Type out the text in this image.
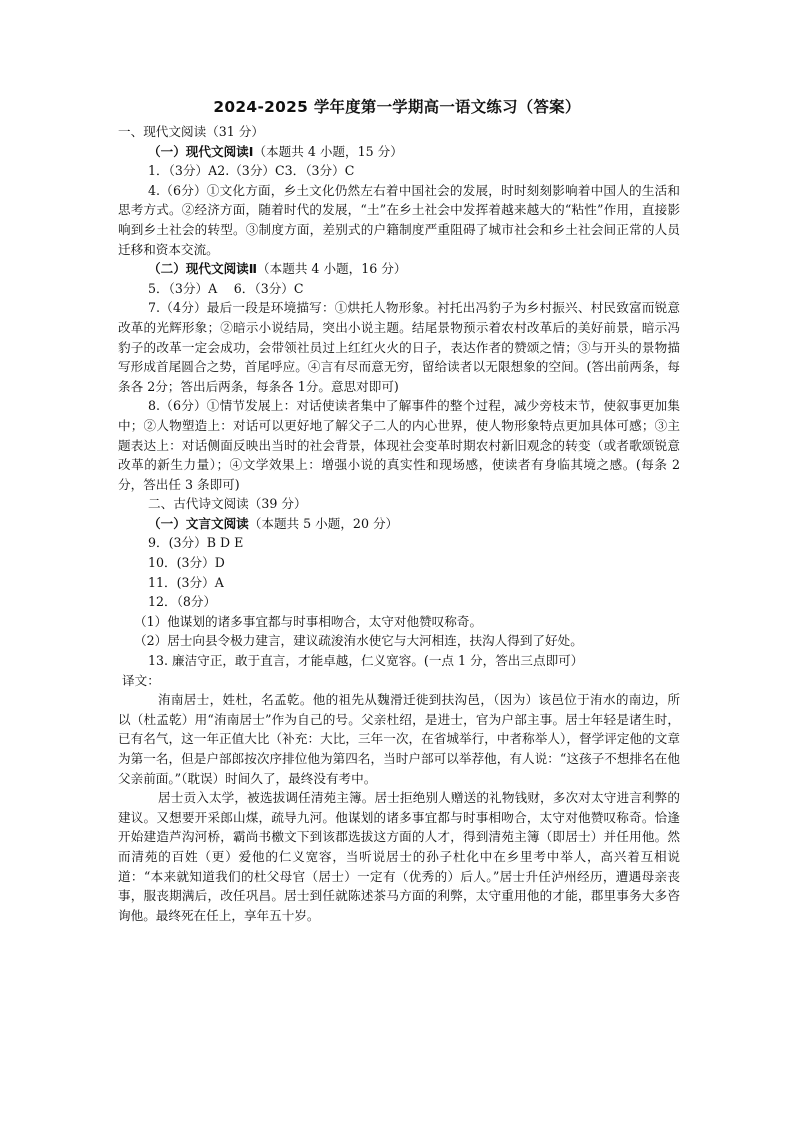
2024-2025 学年度第一学期高一语文练习（答案）
一、现代文阅读（31 分）
（一）现代文阅读Ⅰ（本题共 4 小题，15 分）
1．（3分）A2.（3分）C3．（3分）C
4.（6分）①文化方面，乡土文化仍然左右着中国社会的发展，时时刻刻影响着中国人的生活和思考方式。②经济方面，随着时代的发展，“土”在乡土社会中发挥着越来越大的“粘性”作用，直接影响到乡土社会的转型。③制度方面，差别式的户籍制度严重阻碍了城市社会和乡土社会间正常的人员迁移和资本交流。
（二）现代文阅读Ⅱ（本题共 4 小题，16 分）
5．（3分）A　 6．（3分）C
7.（4分）最后一段是环境描写：①烘托人物形象。衬托出冯豹子为乡村振兴、村民致富而锐意改革的光辉形象；②暗示小说结局，突出小说主题。结尾景物预示着农村改革后的美好前景，暗示冯豹子的改革一定会成功，会带领社员过上红红火火的日子，表达作者的赞颂之情；③与开头的景物描写形成首尾圆合之势，首尾呼应。④言有尽而意无穷，留给读者以无限想象的空间。(答出前两条，每条各 2分；答出后两条，每条各 1分。意思对即可)
8.（6分）①情节发展上：对话使读者集中了解事件的整个过程，减少旁枝末节，使叙事更加集中；②人物塑造上：对话可以更好地了解父子二人的内心世界，使人物形象特点更加具体可感；③主题表达上：对话侧面反映出当时的社会背景，体现社会变革时期农村新旧观念的转变（或者歌颂锐意改革的新生力量）；④文学效果上：增强小说的真实性和现场感，使读者有身临其境之感。(每条 2 分，答出任 3 条即可)
二、古代诗文阅读（39 分）
（一）文言文阅读（本题共 5 小题，20 分）
9．(3分）B D E
10．(3分）D
11．(3分）A
12．（8分）
（1）他谋划的诸多事宜都与时事相吻合，太守对他赞叹称奇。
（2）居士向县令极力建言，建议疏浚洧水使它与大河相连，扶沟人得到了好处。
13. 廉洁守正，敢于直言，才能卓越，仁义宽容。(一点 1 分，答出三点即可）
译文：
洧南居士，姓杜，名孟乾。他的祖先从魏滑迁徙到扶沟邑，（因为）该邑位于洧水的南边，所以（杜孟乾）用“洧南居士”作为自己的号。父亲杜绍，是进士，官为户部主事。居士年轻是诸生时，已有名气，这一年正值大比（补充：大比，三年一次，在省城举行，中者称举人），督学评定他的文章为第一名，但是户部郎按次序排位他为第四名，当时户部可以举荐他，有人说：“这孩子不想排名在他父亲前面。”（耽误）时间久了，最终没有考中。
居士贡入太学，被选拔调任清苑主簿。居士拒绝别人赠送的礼物钱财，多次对太守进言利弊的建议。又想要开采郎山煤，疏导九河。他谋划的诸多事宜都与时事相吻合，太守对他赞叹称奇。恰逢开始建造芦沟河桥，霸尚书檄文下到该郡选拔这方面的人才，得到清苑主簿（即居士）并任用他。然而清苑的百姓（更）爱他的仁义宽容，当听说居士的孙子杜化中在乡里考中举人，高兴着互相说道：“本来就知道我们的杜父母官（居士）一定有（优秀的）后人。”居士升任泸州经历，遭遇母亲丧事，服丧期满后，改任巩昌。居士到任就陈述茶马方面的利弊，太守重用他的才能，郡里事务大多咨询他。最终死在任上，享年五十岁。
